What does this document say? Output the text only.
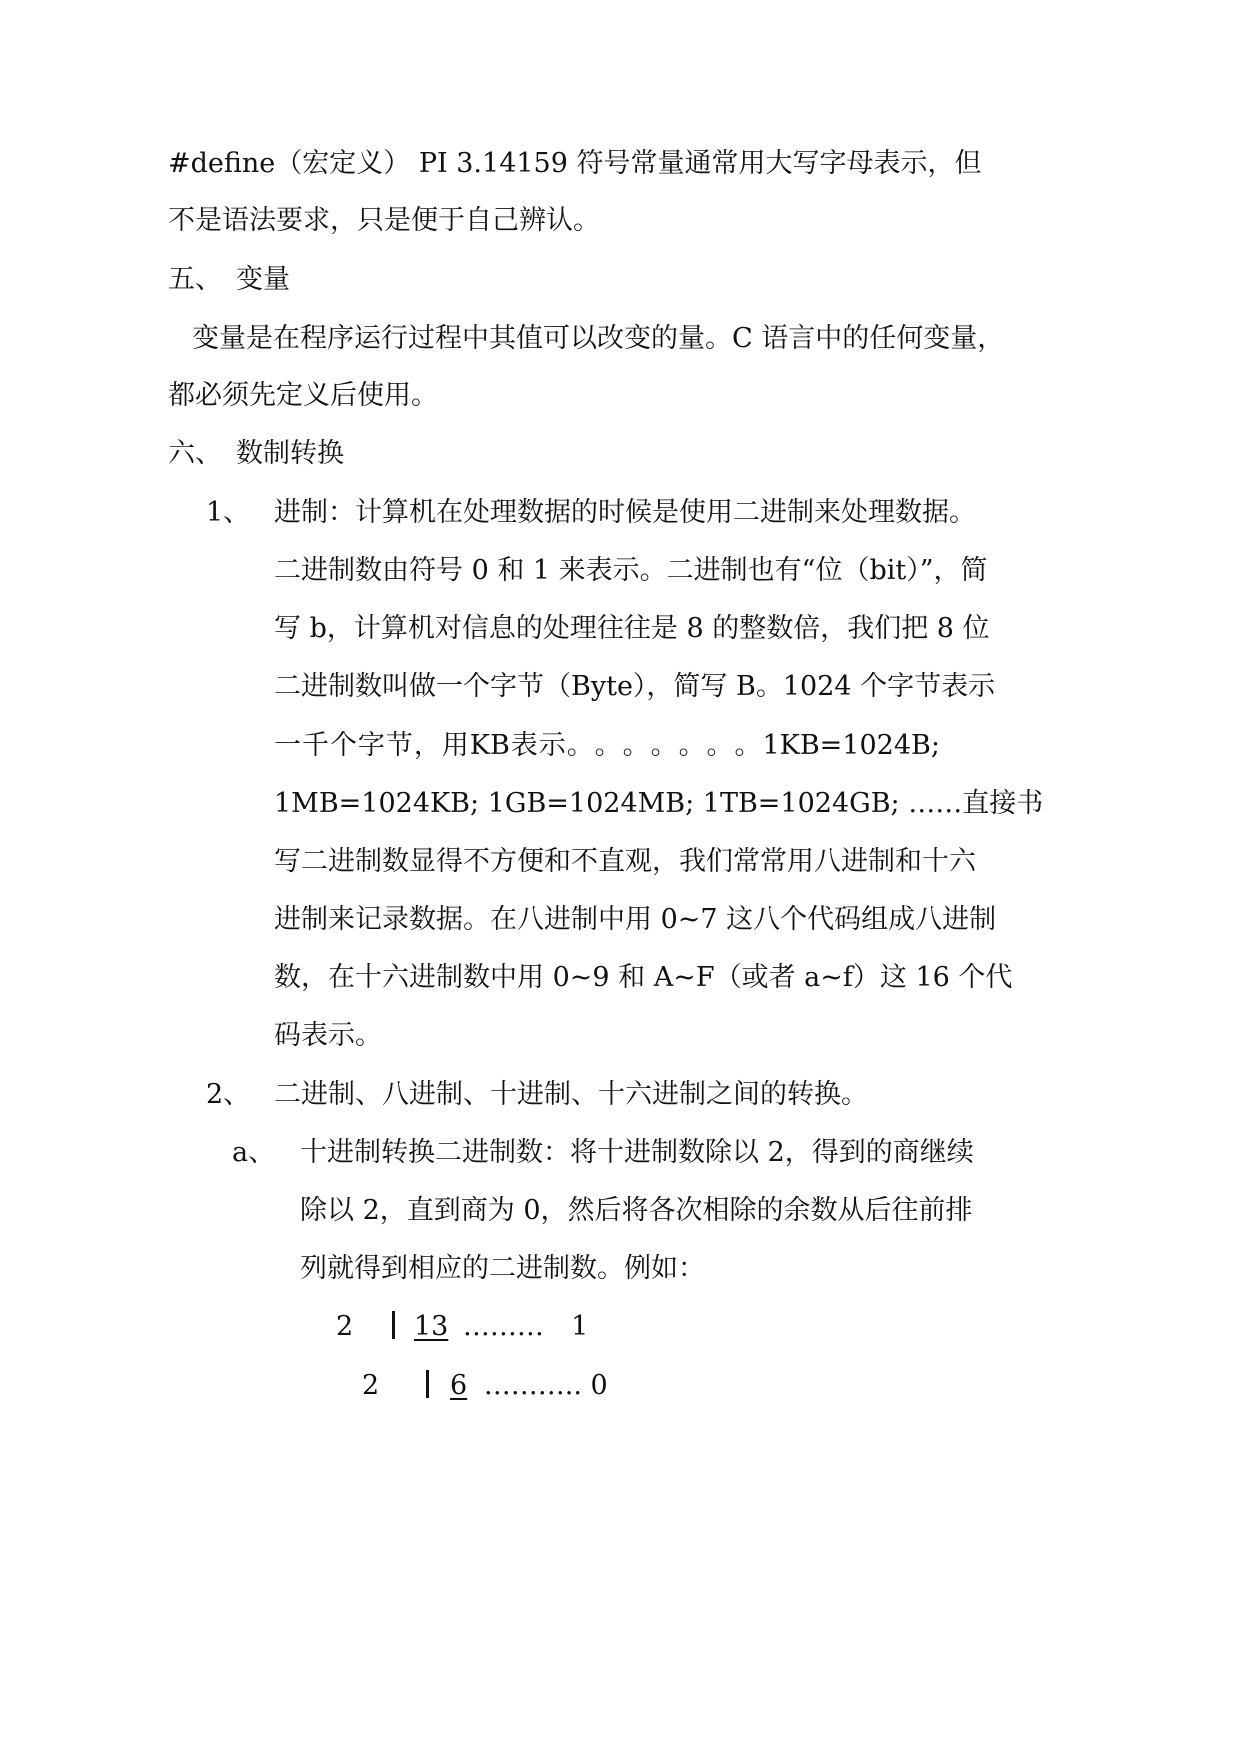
#define（宏定义） PI 3.14159 符号常量通常用大写字母表示，但
不是语法要求，只是便于自己辨认。
五、 变量
变量是在程序运行过程中其值可以改变的量。C 语言中的任何变量，
都必须先定义后使用。
六、 数制转换
1、 进制：计算机在处理数据的时候是使用二进制来处理数据。
二进制数由符号 0 和 1 来表示。二进制也有“位（bit）”，简
写 b，计算机对信息的处理往往是 8 的整数倍，我们把 8 位
二进制数叫做一个字节（Byte），简写 B。1024 个字节表示
一 千 个 字 节 ， 用 KB 表 示 。 。 。 。 。 。 。 1KB=1024B;
1MB=1024KB; 1GB=1024MB; 1TB=1024GB; ……直接书
写二进制数显得不方便和不直观，我们常常用八进制和十六
进制来记录数据。在八进制中用 0~7 这八个代码组成八进制
数，在十六进制数中用 0~9 和 A~F（或者 a~f）这 16 个代
码表示。
2、 二进制、八进制、十进制、十六进制之间的转换。
a、 十进制转换二进制数：将十进制数除以 2，得到的商继续
除以 2，直到商为 0，然后将各次相除的余数从后往前排
列就得到相应的二进制数。例如：
2 13 ……… 1
2	6 ……….. 0
